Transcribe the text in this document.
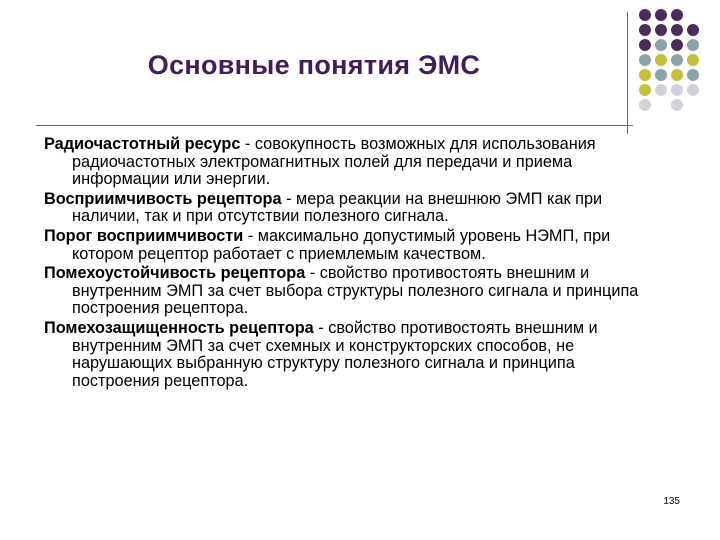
Основные понятия ЭМС

Радиочастотный ресурс - совокупность возможных для использования радиочастотных электромагнитных полей для передачи и приема информации или энергии.

Восприимчивость рецептора - мера реакции на внешнюю ЭМП как при наличии, так и при отсутствии полезного сигнала.

Порог восприимчивости - максимально допустимый уровень НЭМП, при котором рецептор работает с приемлемым качеством.

Помехоустойчивость рецептора - свойство противостоять внешним и внутренним ЭМП за счет выбора структуры полезного сигнала и принципа построения рецептора.

Помехозащищенность рецептора - свойство противостоять внешним и внутренним ЭМП за счет схемных и конструкторских способов, не нарушающих выбранную структуру полезного сигнала и принципа построения рецептора.

135
